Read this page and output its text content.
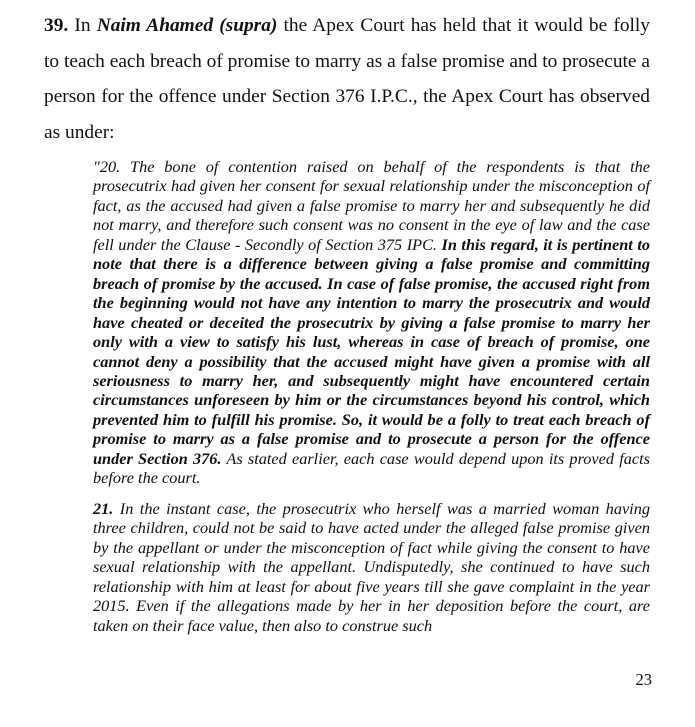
39. In Naim Ahamed (supra) the Apex Court has held that it would be folly to teach each breach of promise to marry as a false promise and to prosecute a person for the offence under Section 376 I.P.C., the Apex Court has observed as under:

"20. The bone of contention raised on behalf of the respondents is that the prosecutrix had given her consent for sexual relationship under the misconception of fact, as the accused had given a false promise to marry her and subsequently he did not marry, and therefore such consent was no consent in the eye of law and the case fell under the Clause - Secondly of Section 375 IPC. In this regard, it is pertinent to note that there is a difference between giving a false promise and committing breach of promise by the accused. In case of false promise, the accused right from the beginning would not have any intention to marry the prosecutrix and would have cheated or deceited the prosecutrix by giving a false promise to marry her only with a view to satisfy his lust, whereas in case of breach of promise, one cannot deny a possibility that the accused might have given a promise with all seriousness to marry her, and subsequently might have encountered certain circumstances unforeseen by him or the circumstances beyond his control, which prevented him to fulfill his promise. So, it would be a folly to treat each breach of promise to marry as a false promise and to prosecute a person for the offence under Section 376. As stated earlier, each case would depend upon its proved facts before the court.

21. In the instant case, the prosecutrix who herself was a married woman having three children, could not be said to have acted under the alleged false promise given by the appellant or under the misconception of fact while giving the consent to have sexual relationship with the appellant. Undisputedly, she continued to have such relationship with him at least for about five years till she gave complaint in the year 2015. Even if the allegations made by her in her deposition before the court, are taken on their face value, then also to construe such

23
